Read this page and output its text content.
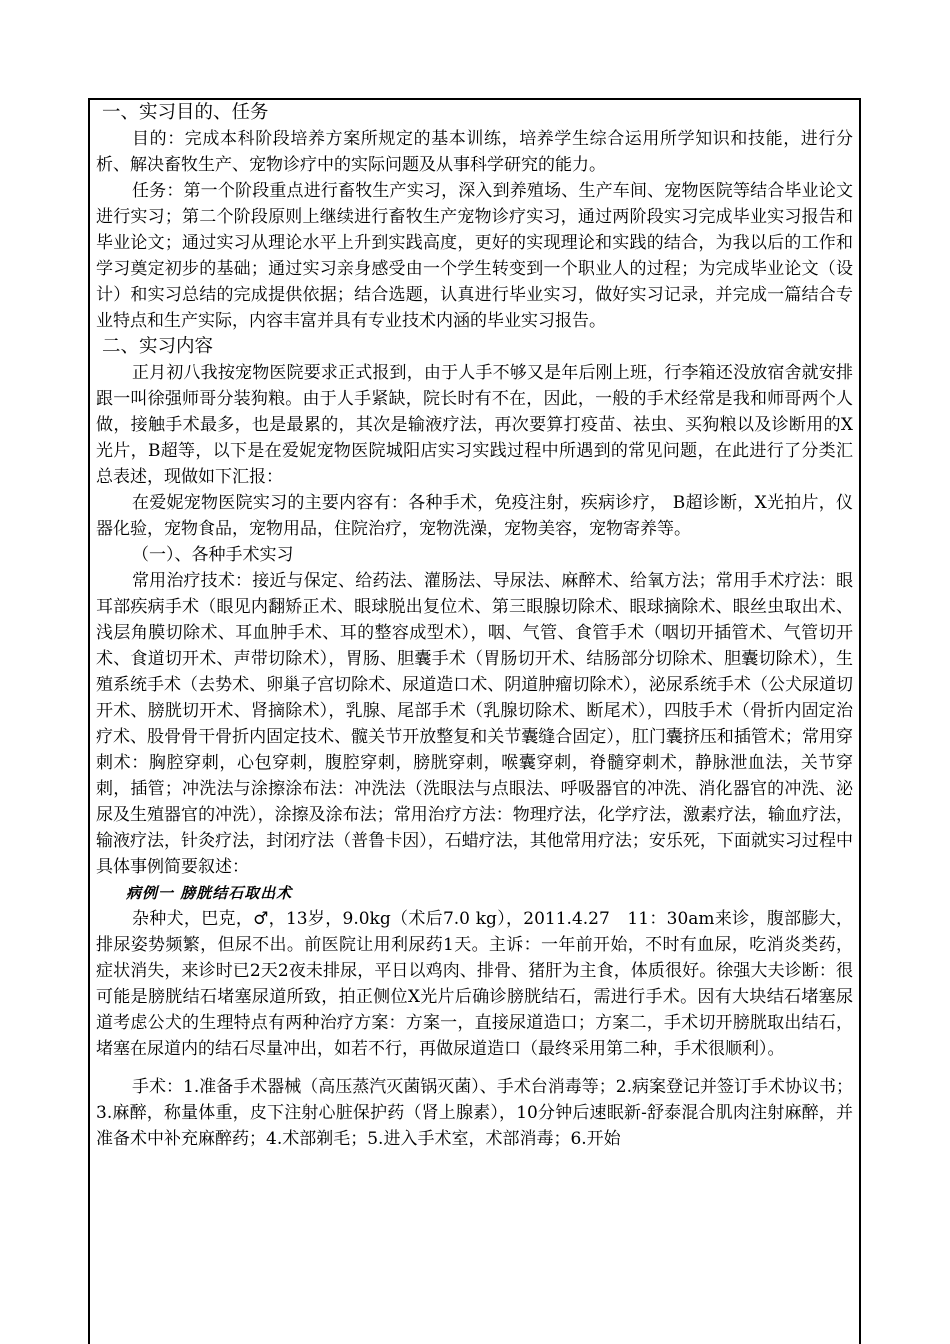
一、实习目的、任务

目的：完成本科阶段培养方案所规定的基本训练，培养学生综合运用所学知识和技能，进行分析、解决畜牧生产、宠物诊疗中的实际问题及从事科学研究的能力。

任务：第一个阶段重点进行畜牧生产实习，深入到养殖场、生产车间、宠物医院等结合毕业论文进行实习；第二个阶段原则上继续进行畜牧生产宠物诊疗实习，通过两阶段实习完成毕业实习报告和毕业论文；通过实习从理论水平上升到实践高度，更好的实现理论和实践的结合，为我以后的工作和学习奠定初步的基础；通过实习亲身感受由一个学生转变到一个职业人的过程；为完成毕业论文（设计）和实习总结的完成提供依据；结合选题，认真进行毕业实习，做好实习记录，并完成一篇结合专业特点和生产实际，内容丰富并具有专业技术内涵的毕业实习报告。

二、实习内容

正月初八我按宠物医院要求正式报到，由于人手不够又是年后刚上班，行李箱还没放宿舍就安排跟一叫徐强师哥分装狗粮。由于人手紧缺，院长时有不在，因此，一般的手术经常是我和师哥两个人做，接触手术最多，也是最累的，其次是输液疗法，再次要算打疫苗、祛虫、买狗粮以及诊断用的X光片，B超等，以下是在爱妮宠物医院城阳店实习实践过程中所遇到的常见问题，在此进行了分类汇总表述，现做如下汇报：

在爱妮宠物医院实习的主要内容有：各种手术，免疫注射，疾病诊疗， B超诊断，X光拍片，仪器化验，宠物食品，宠物用品，住院治疗，宠物洗澡，宠物美容，宠物寄养等。

（一）、各种手术实习

常用治疗技术：接近与保定、给药法、灌肠法、导尿法、麻醉术、给氧方法；常用手术疗法：眼耳部疾病手术（眼见内翻矫正术、眼球脱出复位术、第三眼腺切除术、眼球摘除术、眼丝虫取出术、浅层角膜切除术、耳血肿手术、耳的整容成型术），咽、气管、食管手术（咽切开插管术、气管切开术、食道切开术、声带切除术），胃肠、胆囊手术（胃肠切开术、结肠部分切除术、胆囊切除术），生殖系统手术（去势术、卵巢子宫切除术、尿道造口术、阴道肿瘤切除术），泌尿系统手术（公犬尿道切开术、膀胱切开术、肾摘除术），乳腺、尾部手术（乳腺切除术、断尾术），四肢手术（骨折内固定治疗术、股骨骨干骨折内固定技术、髋关节开放整复和关节囊缝合固定），肛门囊挤压和插管术；常用穿刺术：胸腔穿刺，心包穿刺，腹腔穿刺，膀胱穿刺，喉囊穿刺，脊髓穿刺术，静脉泄血法，关节穿刺，插管；冲洗法与涂擦涂布法：冲洗法（洗眼法与点眼法、呼吸器官的冲洗、消化器官的冲洗、泌尿及生殖器官的冲洗），涂擦及涂布法；常用治疗方法：物理疗法，化学疗法，激素疗法，输血疗法，输液疗法，针灸疗法，封闭疗法（普鲁卡因），石蜡疗法，其他常用疗法；安乐死，下面就实习过程中具体事例简要叙述：

病例一 膀胱结石取出术

杂种犬，巴克，♂，13岁，9.0kg（术后7.0 kg），2011.4.27　11：30am来诊，腹部膨大，排尿姿势频繁，但尿不出。前医院让用利尿药1天。主诉：一年前开始，不时有血尿，吃消炎类药，症状消失，来诊时已2天2夜未排尿，平日以鸡肉、排骨、猪肝为主食，体质很好。徐强大夫诊断：很可能是膀胱结石堵塞尿道所致，拍正侧位X光片后确诊膀胱结石，需进行手术。因有大块结石堵塞尿道考虑公犬的生理特点有两种治疗方案：方案一，直接尿道造口；方案二，手术切开膀胱取出结石，堵塞在尿道内的结石尽量冲出，如若不行，再做尿道造口（最终采用第二种，手术很顺利）。

手术：1.准备手术器械（高压蒸汽灭菌锅灭菌）、手术台消毒等；2.病案登记并签订手术协议书；3.麻醉，称量体重，皮下注射心脏保护药（肾上腺素），10分钟后速眠新-舒泰混合肌肉注射麻醉，并准备术中补充麻醉药；4.术部剃毛；5.进入手术室，术部消毒；6.开始
